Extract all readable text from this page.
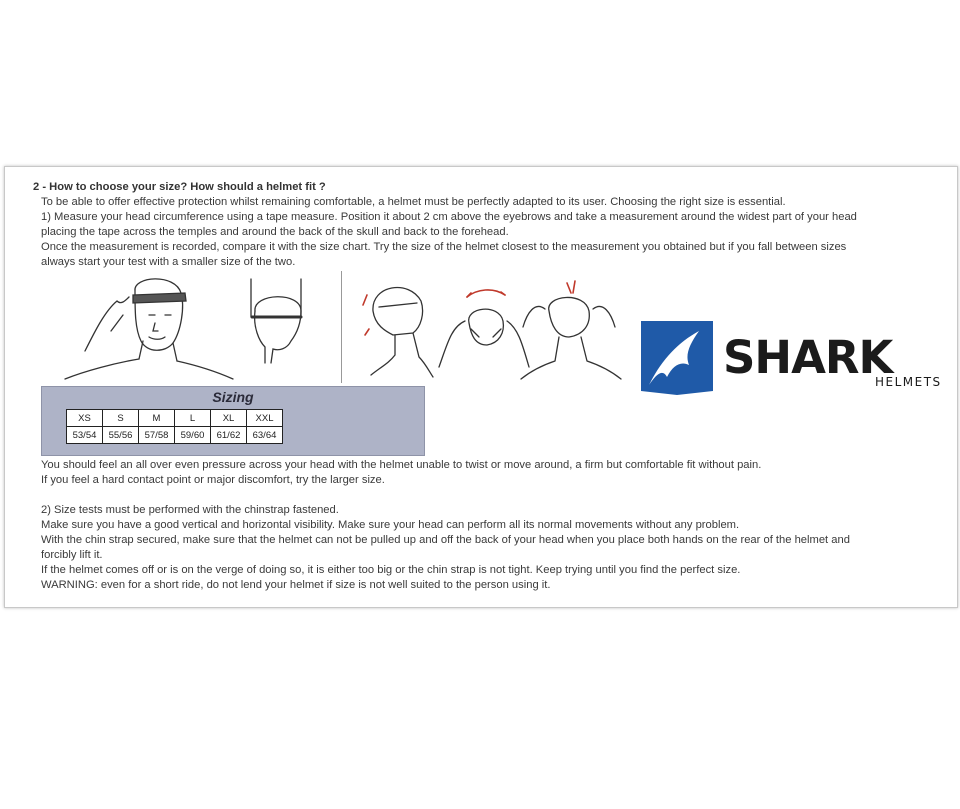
2 - How to choose your size? How should a helmet fit ?
To be able to offer effective protection whilst remaining comfortable, a helmet must be perfectly adapted to its user. Choosing the right size is essential.
1) Measure your head circumference using a tape measure. Position it about 2 cm above the eyebrows and take a measurement around the widest part of your head
placing the tape across the temples and around the back of the skull and back to the forehead.
Once the measurement is recorded, compare it with the size chart. Try the size of the helmet closest to the measurement you obtained but if you fall between sizes
always start your test with a smaller size of the two.
SHARK
HELMETS
Sizing
XS	S	M	L	XL	XXL
53/54	55/56	57/58	59/60	61/62	63/64
You should feel an all over even pressure across your head with the helmet unable to twist or move around, a firm but comfortable fit without pain.
If you feel a hard contact point or major discomfort, try the larger size.
2) Size tests must be performed with the chinstrap fastened.
Make sure you have a good vertical and horizontal visibility. Make sure your head can perform all its normal movements without any problem.
With the chin strap secured, make sure that the helmet can not be pulled up and off the back of your head when you place both hands on the rear of the helmet and
forcibly lift it.
If the helmet comes off or is on the verge of doing so, it is either too big or the chin strap is not tight. Keep trying until you find the perfect size.
WARNING: even for a short ride, do not lend your helmet if size is not well suited to the person using it.
